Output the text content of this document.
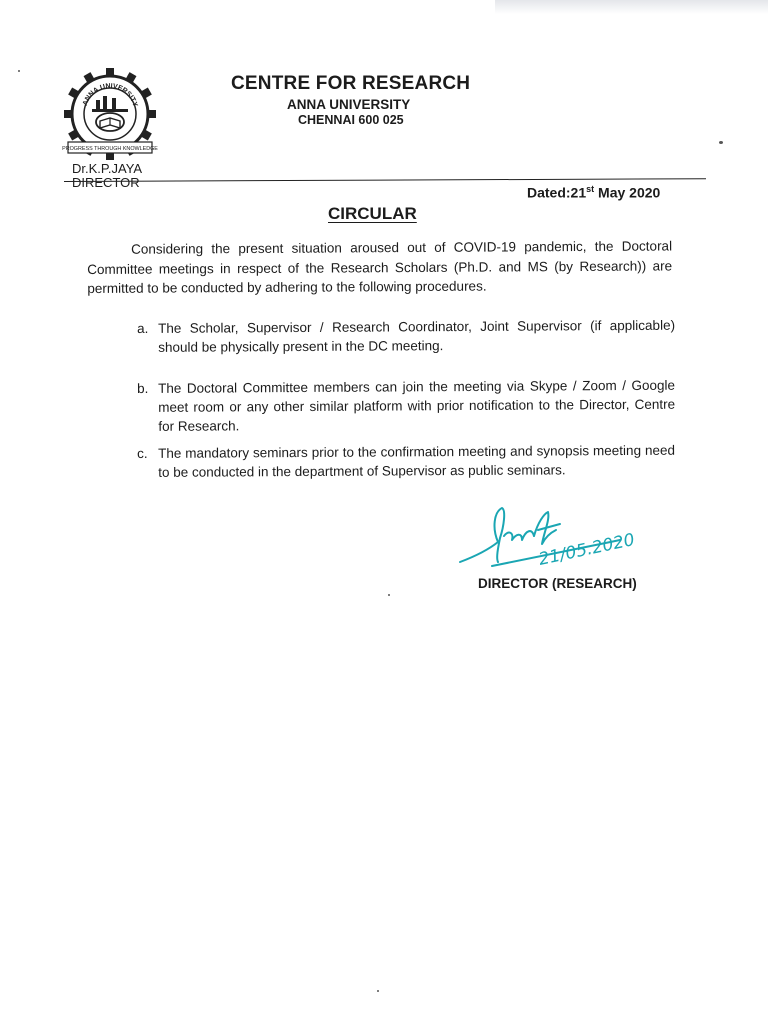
ANNA UNIVERSITY
PROGRESS THROUGH KNOWLEDGE
CENTRE FOR RESEARCH
ANNA UNIVERSITY
CHENNAI 600 025
Dr.K.P.JAYA
DIRECTOR
Dated:21st May 2020
CIRCULAR
Considering the present situation aroused out of COVID-19 pandemic, the Doctoral Committee meetings in respect of the Research Scholars (Ph.D. and MS (by Research)) are permitted to be conducted by adhering to the following procedures.
a. The Scholar, Supervisor / Research Coordinator, Joint Supervisor (if applicable) should be physically present in the DC meeting.
b. The Doctoral Committee members can join the meeting via Skype / Zoom / Google meet room or any other similar platform with prior notification to the Director, Centre for Research.
c. The mandatory seminars prior to the confirmation meeting and synopsis meeting need to be conducted in the department of Supervisor as public seminars.
21/05.2020
DIRECTOR (RESEARCH)
